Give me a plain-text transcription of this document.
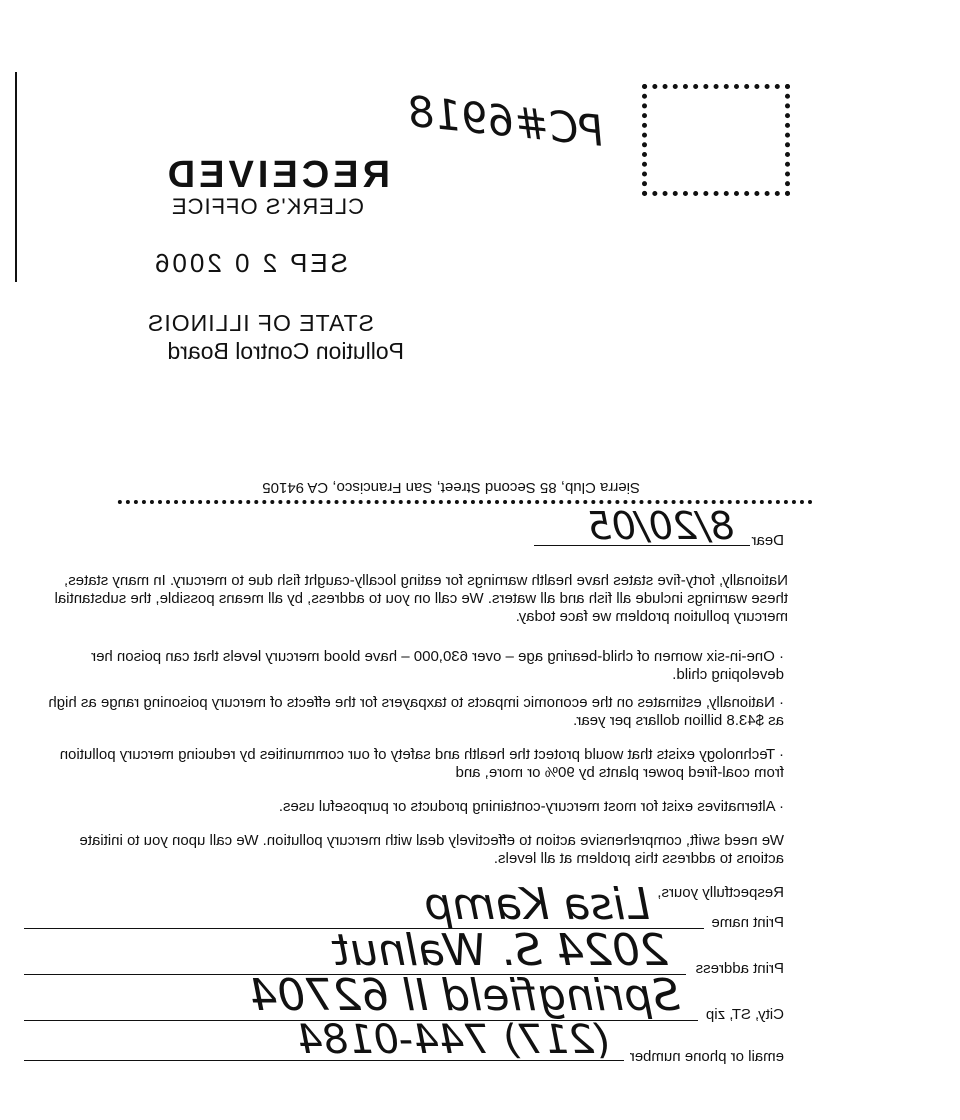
PC#6918
RECEIVED
CLERK'S OFFICE
SEP 2 0 2006
STATE OF ILLINOIS
Pollution Control Board
Sierra Club, 85 Second Street, San Francisco, CA 94105
Dear
8/20/05
Nationally, forty-five states have health warnings for eating locally-caught fish due to mercury. In many states, these warnings include all fish and all waters. We call on you to address, by all means possible, the substantial mercury pollution problem we face today.
· One-in-six women of child-bearing age – over 630,000 – have blood mercury levels that can poison her developing child.
· Nationally, estimates on the economic impacts to taxpayers for the effects of mercury poisoning range as high as $43.8 billion dollars per year.
· Technology exists that would protect the health and safety of our communities by reducing mercury pollution from coal-fired power plants by 90% or more, and
· Alternatives exist for most mercury-containing products or purposeful uses.
We need swift, comprehensive action to effectively deal with mercury pollution. We call upon you to initiate actions to address this problem at all levels.
Respectfully yours,
Print name
Lisa Kamp
Print address
2024 S. Walnut
City, ST, zip
Springfield Il 62704
email or phone number
(217) 744-0184
